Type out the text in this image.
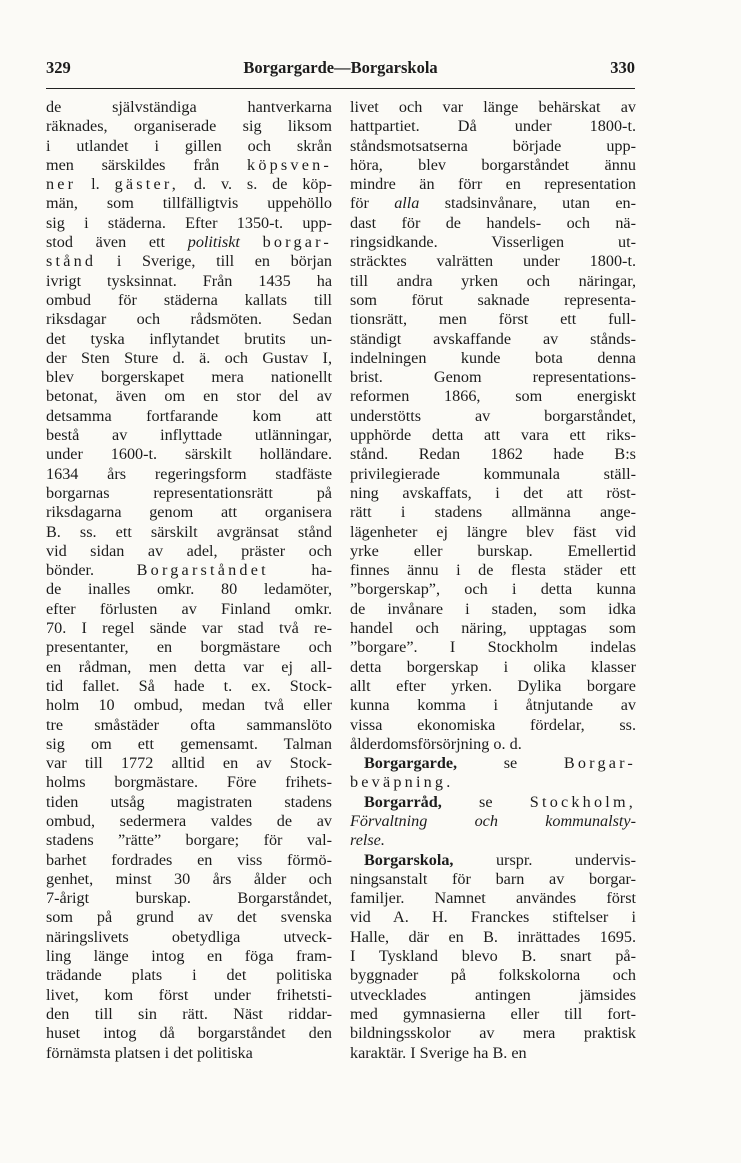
329	Borgargarde—Borgarskola	330
de självständiga hantverkarna
räknades, organiserade sig liksom
i utlandet i gillen och skrån
men särskildes från köpsven-
ner l. gäster, d. v. s. de köp-
män, som tillfälligtvis uppehöllo
sig i städerna. Efter 1350-t. upp-
stod även ett politiskt borgar-
stånd i Sverige, till en början
ivrigt tysksinnat. Från 1435 ha
ombud för städerna kallats till
riksdagar och rådsmöten. Sedan
det tyska inflytandet brutits un-
der Sten Sture d. ä. och Gustav I,
blev borgerskapet mera nationellt
betonat, även om en stor del av
detsamma fortfarande kom att
bestå av inflyttade utlänningar,
under 1600-t. särskilt holländare.
1634 års regeringsform stadfäste
borgarnas representationsrätt på
riksdagarna genom att organisera
B. ss. ett särskilt avgränsat stånd
vid sidan av adel, präster och
bönder. Borgarståndet ha-
de inalles omkr. 80 ledamöter,
efter förlusten av Finland omkr.
70. I regel sände var stad två re-
presentanter, en borgmästare och
en rådman, men detta var ej all-
tid fallet. Så hade t. ex. Stock-
holm 10 ombud, medan två eller
tre småstäder ofta sammanslöto
sig om ett gemensamt. Talman
var till 1772 alltid en av Stock-
holms borgmästare. Före frihets-
tiden utsåg magistraten stadens
ombud, sedermera valdes de av
stadens ”rätte” borgare; för val-
barhet fordrades en viss förmö-
genhet, minst 30 års ålder och
7-årigt burskap. Borgarståndet,
som på grund av det svenska
näringslivets obetydliga utveck-
ling länge intog en föga fram-
trädande plats i det politiska
livet, kom först under frihetsti-
den till sin rätt. Näst riddar-
huset intog då borgarståndet den
förnämsta platsen i det politiska
livet och var länge behärskat av
hattpartiet. Då under 1800-t.
ståndsmotsatserna började upp-
höra, blev borgarståndet ännu
mindre än förr en representation
för alla stadsinvånare, utan en-
dast för de handels- och nä-
ringsidkande. Visserligen ut-
sträcktes valrätten under 1800-t.
till andra yrken och näringar,
som förut saknade representa-
tionsrätt, men först ett full-
ständigt avskaffande av stånds-
indelningen kunde bota denna
brist. Genom representations-
reformen 1866, som energiskt
understötts av borgarståndet,
upphörde detta att vara ett riks-
stånd. Redan 1862 hade B:s
privilegierade kommunala ställ-
ning avskaffats, i det att röst-
rätt i stadens allmänna ange-
lägenheter ej längre blev fäst vid
yrke eller burskap. Emellertid
finnes ännu i de flesta städer ett
”borgerskap”, och i detta kunna
de invånare i staden, som idka
handel och näring, upptagas som
”borgare”. I Stockholm indelas
detta borgerskap i olika klasser
allt efter yrken. Dylika borgare
kunna komma i åtnjutande av
vissa ekonomiska fördelar, ss.
ålderdomsförsörjning o. d.
Borgargarde, se Borgar-
beväpning.
Borgarråd, se Stockholm,
Förvaltning	och	kommunalsty-
relse.
Borgarskola, urspr. undervis-
ningsanstalt för barn av borgar-
familjer. Namnet användes först
vid A. H. Franckes stiftelser i
Halle, där en B. inrättades 1695.
I Tyskland blevo B. snart på-
byggnader på folkskolorna och
utvecklades antingen jämsides
med gymnasierna eller till fort-
bildningsskolor av mera praktisk
karaktär. I Sverige ha B. en
